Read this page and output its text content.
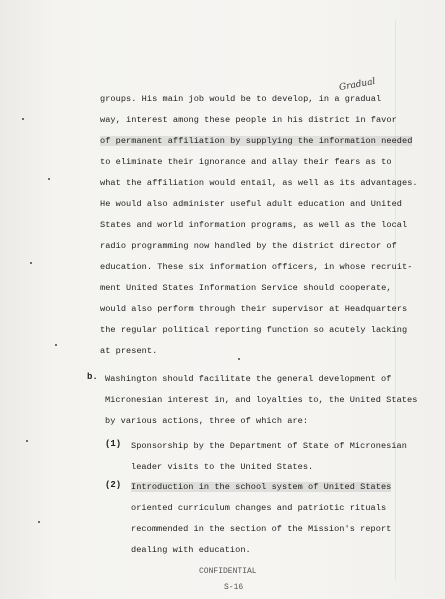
Gradual
groups. His main job would be to develop, in a gradual
way, interest among these people in his district in favor
of permanent affiliation by supplying the information needed
to eliminate their ignorance and allay their fears as to
what the affiliation would entail, as well as its advantages.
He would also administer useful adult education and United
States and world information programs, as well as the local
radio programming now handled by the district director of
education. These six information officers, in whose recruit-
ment United States Information Service should cooperate,
would also perform through their supervisor at Headquarters
the regular political reporting function so acutely lacking
at present.
b. Washington should facilitate the general development of
Micronesian interest in, and loyalties to, the United States
by various actions, three of which are:
(1) Sponsorship by the Department of State of Micronesian
leader visits to the United States.
(2) Introduction in the school system of United States
oriented curriculum changes and patriotic rituals
recommended in the section of the Mission's report
dealing with education.
CONFIDENTIAL
S-16
